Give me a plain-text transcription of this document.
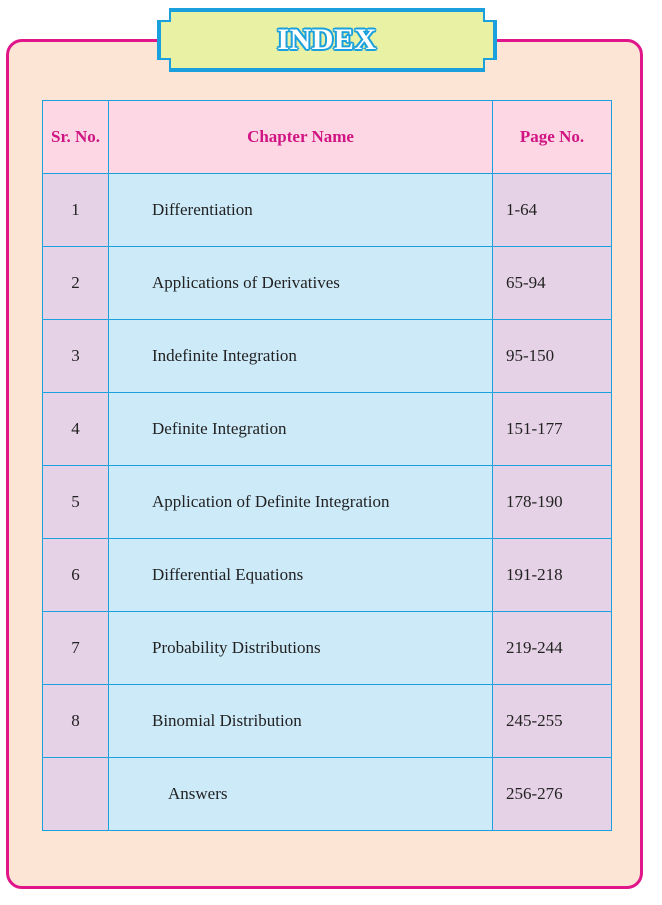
INDEX
Sr. No.	Chapter Name	Page No.
1	Differentiation	1-64
2	Applications of Derivatives	65-94
3	Indefinite Integration	95-150
4	Definite Integration	151-177
5	Application of Definite Integration	178-190
6	Differential Equations	191-218
7	Probability Distributions	219-244
8	Binomial Distribution	245-255
	Answers	256-276
